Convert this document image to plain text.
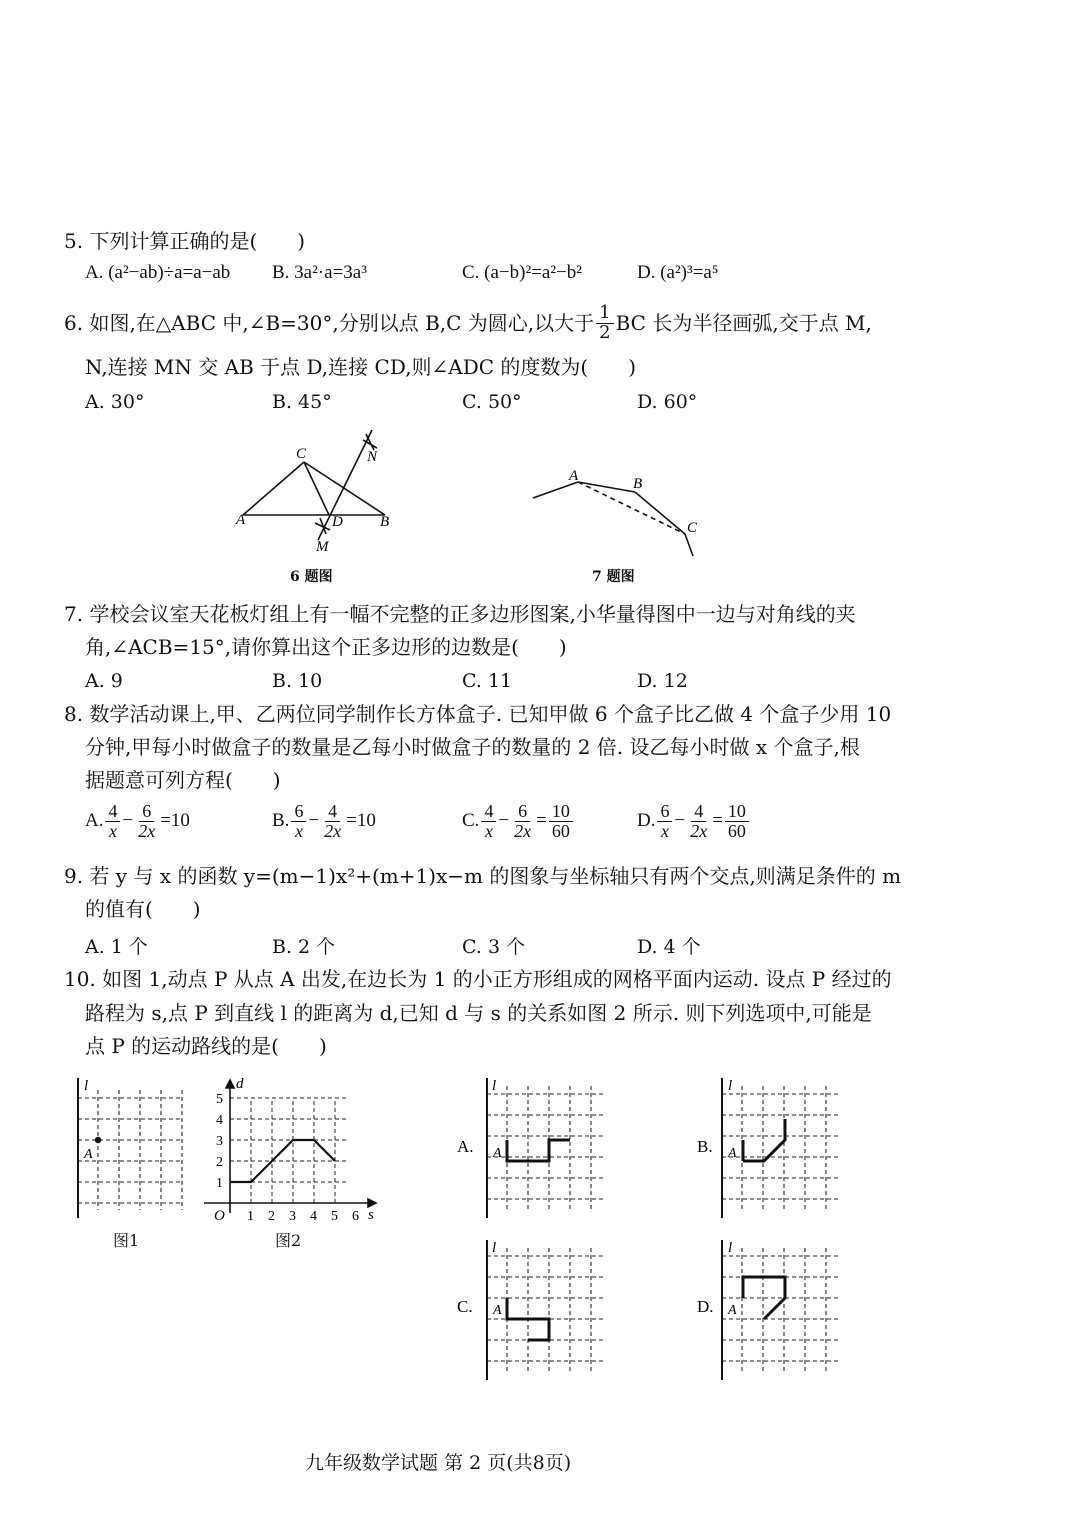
5. 下列计算正确的是(　　)
A. (a²−ab)÷a=a−ab B. 3a²·a=3a³	C. (a−b)²=a²−b²	D. (a²)³=a⁵
6. 如图,在△ABC 中,∠B=30°,分别以点 B,C 为圆心,以大于 $\frac{1}{2}$ BC 长为半径画弧,交于点 M,
N,连接 MN 交 AB 于点 D,连接 CD,则∠ADC 的度数为(　　)
A. 30°	B. 45°	C. 50°	D. 60°
A	B
C
D
M
N
6 题图
A	B
C
7 题图
7. 学校会议室天花板灯组上有一幅不完整的正多边形图案,小华量得图中一边与对角线的夹
角,∠ACB=15°,请你算出这个正多边形的边数是(　　)
A. 9	B. 10	C. 11	D. 12
8. 数学活动课上,甲、乙两位同学制作长方体盒子. 已知甲做 6 个盒子比乙做 4 个盒子少用 10
分钟,甲每小时做盒子的数量是乙每小时做盒子的数量的 2 倍. 设乙每小时做 x 个盒子,根
据题意可列方程(　　)
A. $\frac{4}{x} - \frac{6}{2x} =10$	B. $\frac{6}{x} - \frac{4}{2x} =10$	C. $\frac{4}{x} - \frac{6}{2x} = \frac{10}{60}$	D. $\frac{6}{x} - \frac{4}{2x} = \frac{10}{60}$
9. 若 y 与 x 的函数 y=(m−1)x²+(m+1)x−m 的图象与坐标轴只有两个交点,则满足条件的 m
的值有(　　)
A. 1 个	B. 2 个	C. 3 个	D. 4 个
10. 如图 1,动点 P 从点 A 出发,在边长为 1 的小正方形组成的网格平面内运动. 设点 P 经过的
路程为 s,点 P 到直线 l 的距离为 d,已知 d 与 s 的关系如图 2 所示. 则下列选项中,可能是
点 P 的运动路线的是(　　)
l
A
图1
1 2 3 4 5 6
1
2
3
4
5
d
s
O
图2
A.
l
A	B.
l
A
C.
l
A	D.
l
A
九年级数学试题 第 2 页(共8页)
